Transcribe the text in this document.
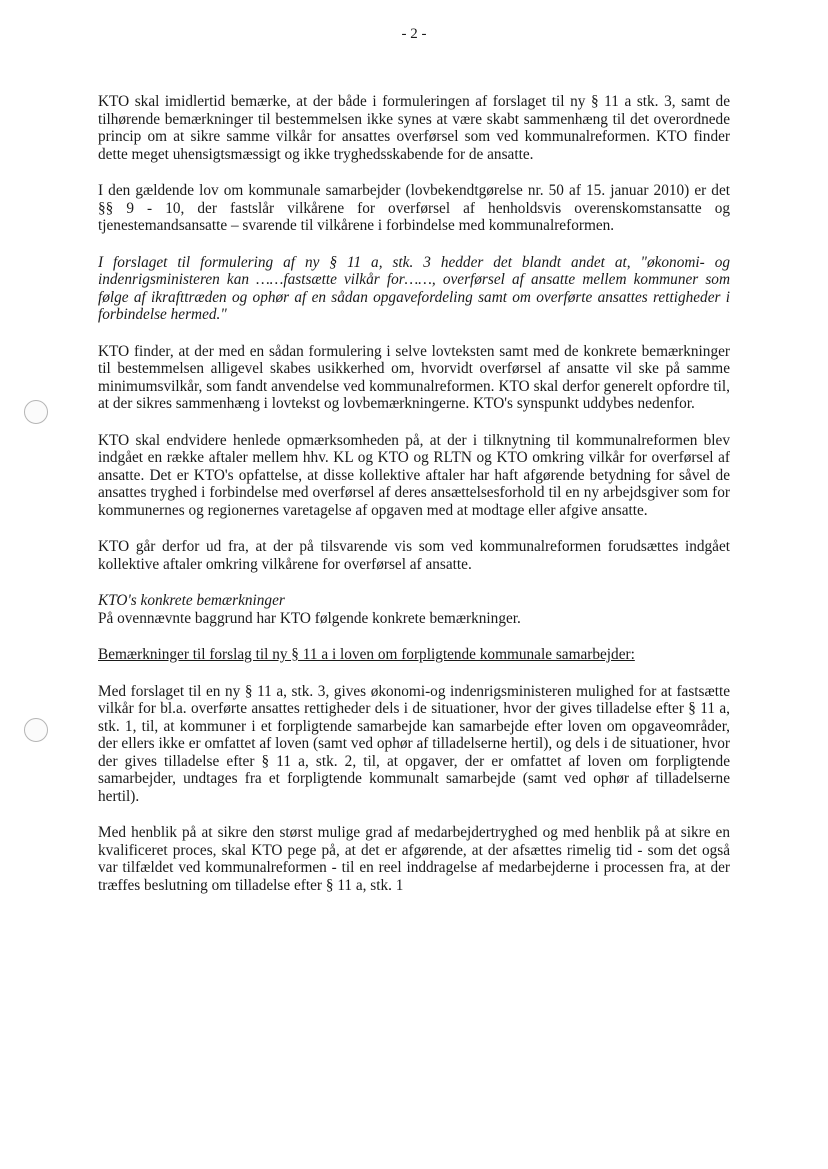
- 2 -

KTO skal imidlertid bemærke, at der både i formuleringen af forslaget til ny § 11 a stk. 3, samt de tilhørende bemærkninger til bestemmelsen ikke synes at være skabt sammenhæng til det overordnede princip om at sikre samme vilkår for ansattes overførsel som ved kommunalreformen. KTO finder dette meget uhensigtsmæssigt og ikke tryghedsskabende for de ansatte.

I den gældende lov om kommunale samarbejder (lovbekendtgørelse nr. 50 af 15. januar 2010) er det §§ 9 - 10, der fastslår vilkårene for overførsel af henholdsvis overenskomstansatte og tjenestemandsansatte – svarende til vilkårene i forbindelse med kommunalreformen.

I forslaget til formulering af ny § 11 a, stk. 3 hedder det blandt andet at, "økonomi- og indenrigsministeren kan ……fastsætte vilkår for……, overførsel af ansatte mellem kommuner som følge af ikrafttræden og ophør af en sådan opgavefordeling samt om overførte ansattes rettigheder i forbindelse hermed."

KTO finder, at der med en sådan formulering i selve lovteksten samt med de konkrete bemærkninger til bestemmelsen alligevel skabes usikkerhed om, hvorvidt overførsel af ansatte vil ske på samme minimumsvilkår, som fandt anvendelse ved kommunalreformen. KTO skal derfor generelt opfordre til, at der sikres sammenhæng i lovtekst og lovbemærkningerne. KTO's synspunkt uddybes nedenfor.

KTO skal endvidere henlede opmærksomheden på, at der i tilknytning til kommunalreformen blev indgået en række aftaler mellem hhv. KL og KTO og RLTN og KTO omkring vilkår for overførsel af ansatte. Det er KTO's opfattelse, at disse kollektive aftaler har haft afgørende betydning for såvel de ansattes tryghed i forbindelse med overførsel af deres ansættelsesforhold til en ny arbejdsgiver som for kommunernes og regionernes varetagelse af opgaven med at modtage eller afgive ansatte.

KTO går derfor ud fra, at der på tilsvarende vis som ved kommunalreformen forudsættes indgået kollektive aftaler omkring vilkårene for overførsel af ansatte.

KTO's konkrete bemærkninger

På ovennævnte baggrund har KTO følgende konkrete bemærkninger.

Bemærkninger til forslag til ny § 11 a i loven om forpligtende kommunale samarbejder:

Med forslaget til en ny § 11 a, stk. 3, gives økonomi-og indenrigsministeren mulighed for at fastsætte vilkår for bl.a. overførte ansattes rettigheder dels i de situationer, hvor der gives tilladelse efter § 11 a, stk. 1, til, at kommuner i et forpligtende samarbejde kan samarbejde efter loven om opgaveområder, der ellers ikke er omfattet af loven (samt ved ophør af tilladelserne hertil), og dels i de situationer, hvor der gives tilladelse efter § 11 a, stk. 2, til, at opgaver, der er omfattet af loven om forpligtende samarbejder, undtages fra et forpligtende kommunalt samarbejde (samt ved ophør af tilladelserne hertil).

Med henblik på at sikre den størst mulige grad af medarbejdertryghed og med henblik på at sikre en kvalificeret proces, skal KTO pege på, at det er afgørende, at der afsættes rimelig tid - som det også var tilfældet ved kommunalreformen - til en reel inddragelse af medarbejderne i processen fra, at der træffes beslutning om tilladelse efter § 11 a, stk. 1
